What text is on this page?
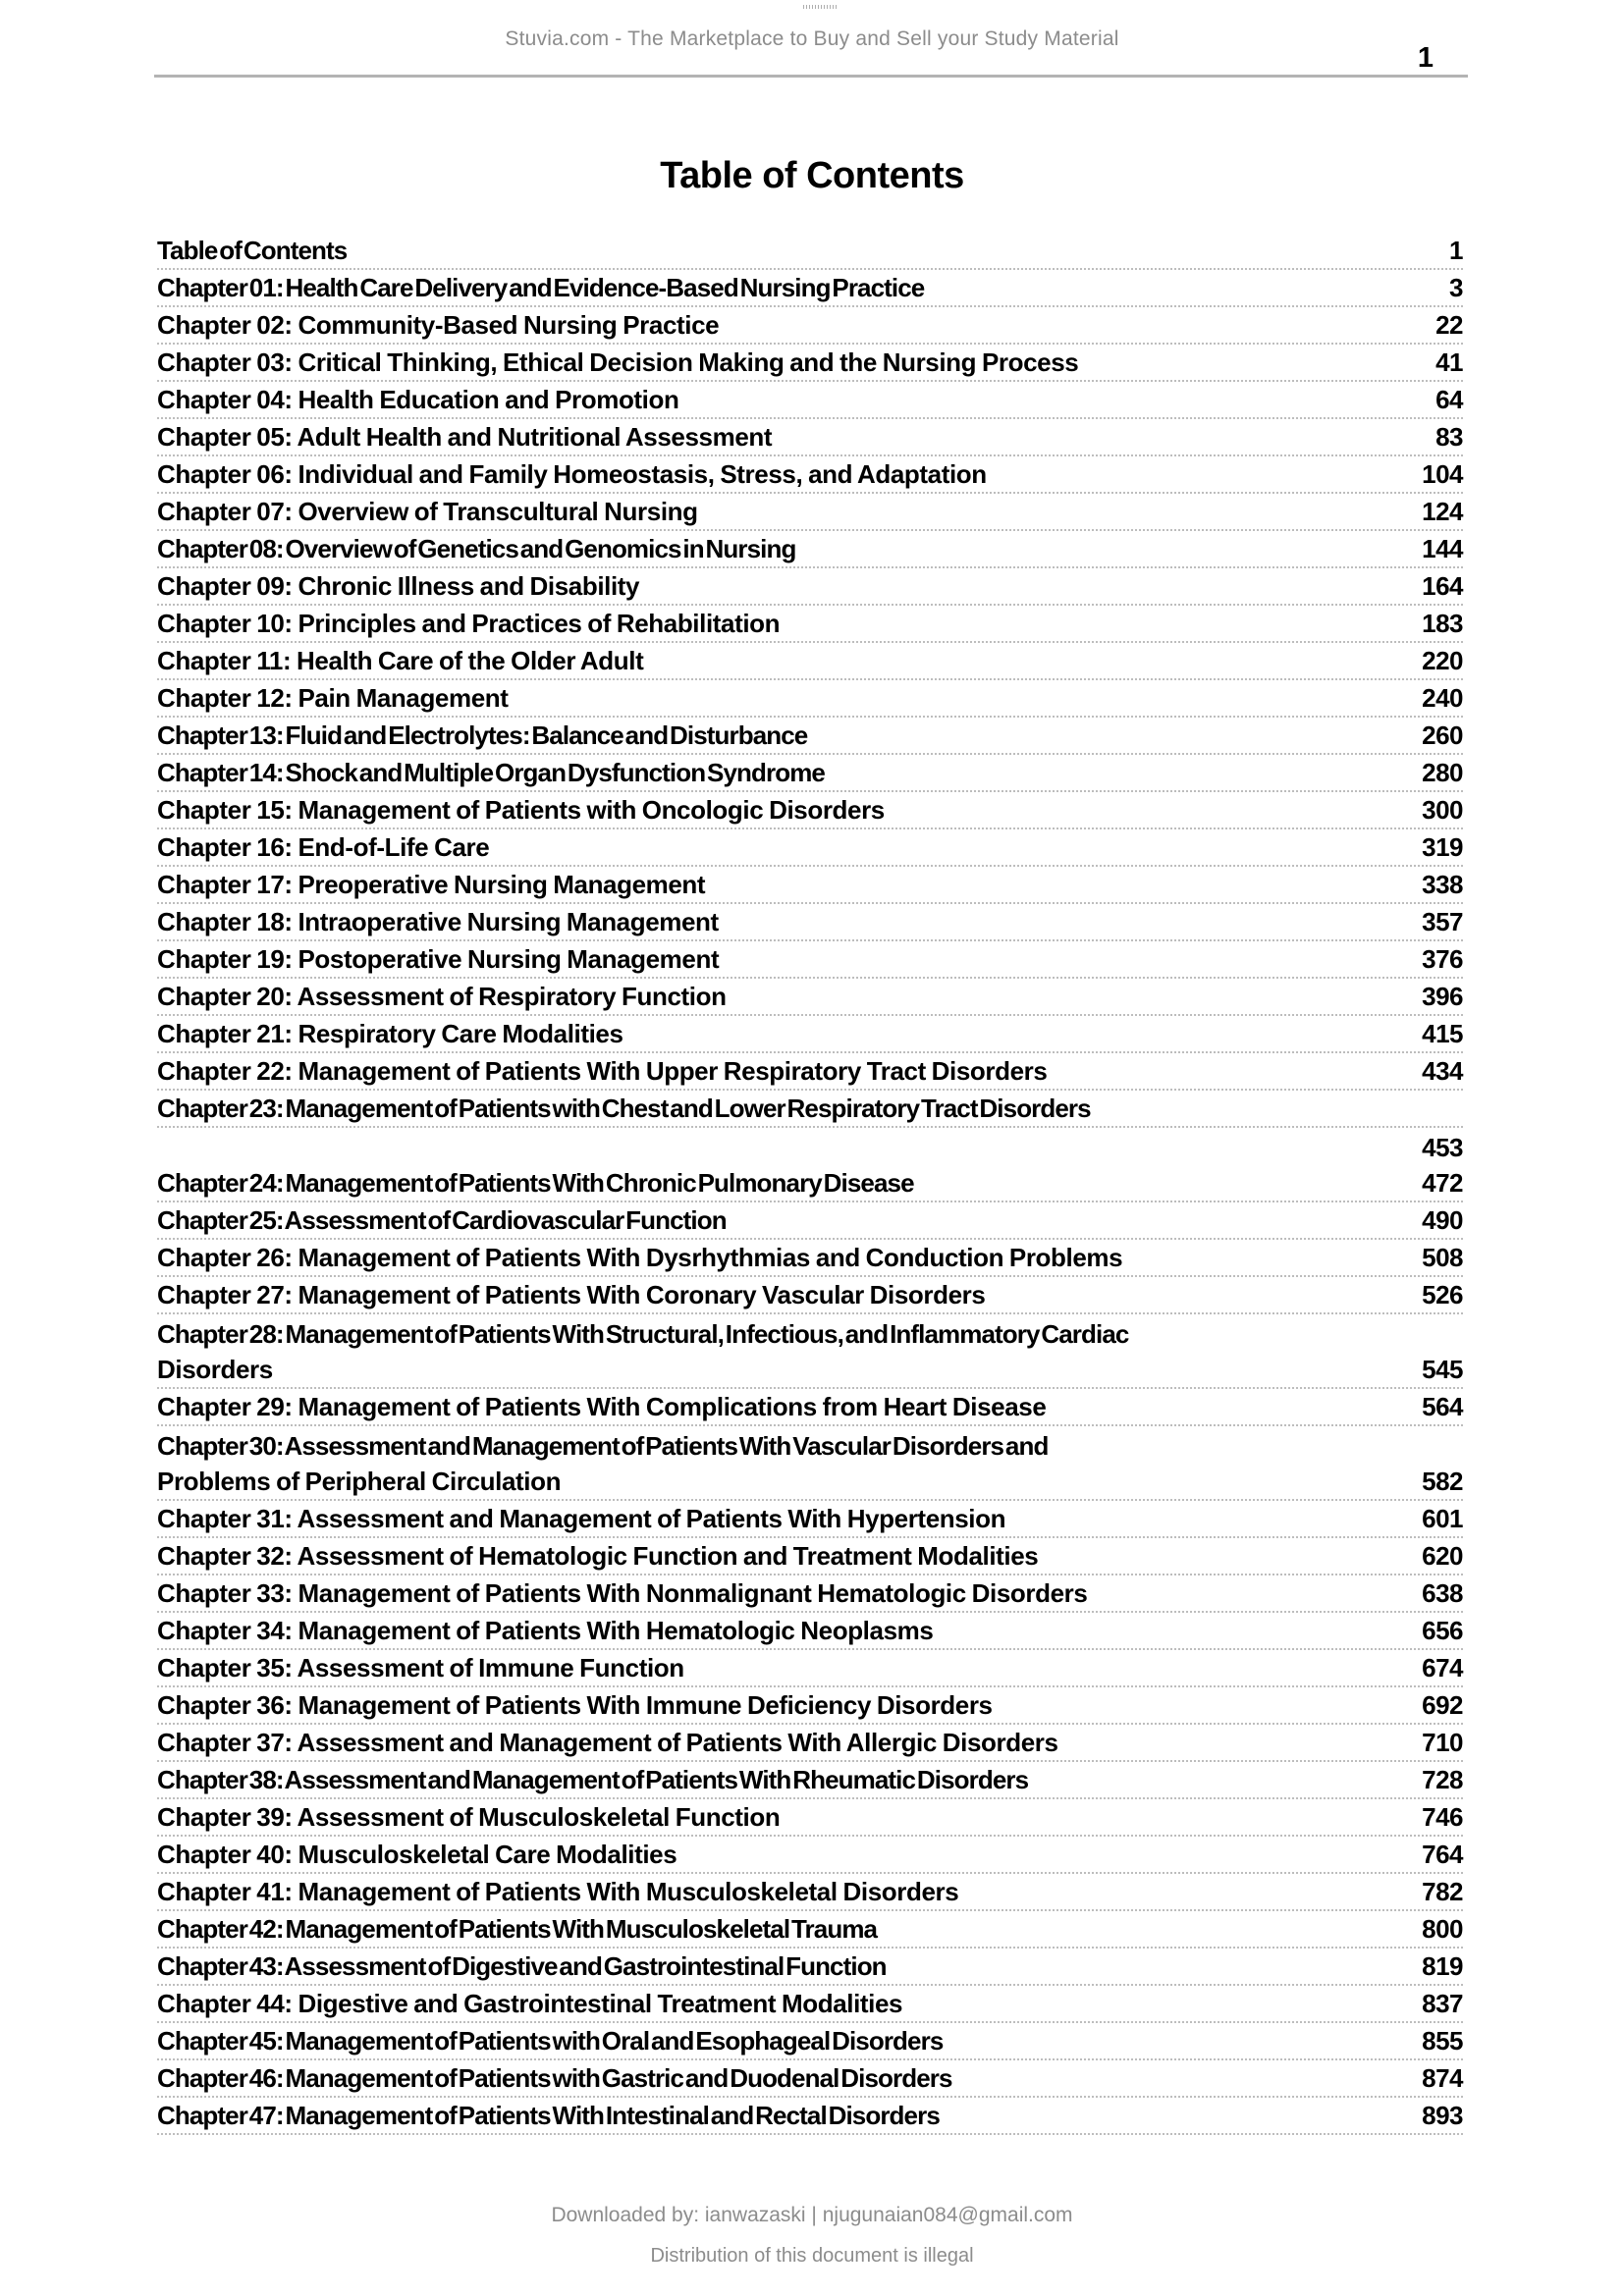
Stuvia.com - The Marketplace to Buy and Sell your Study Material
1
Table of Contents
Table of Contents	1
Chapter 01: Health Care Delivery and Evidence-Based Nursing Practice	3
Chapter 02: Community-Based Nursing Practice	22
Chapter 03: Critical Thinking, Ethical Decision Making and the Nursing Process	41
Chapter 04: Health Education and Promotion	64
Chapter 05: Adult Health and Nutritional Assessment	83
Chapter 06: Individual and Family Homeostasis, Stress, and Adaptation	104
Chapter 07: Overview of Transcultural Nursing	124
Chapter 08: Overview of Genetics and Genomics in Nursing	144
Chapter 09: Chronic Illness and Disability	164
Chapter 10: Principles and Practices of Rehabilitation	183
Chapter 11: Health Care of the Older Adult	220
Chapter 12: Pain Management	240
Chapter 13: Fluid and Electrolytes: Balance and Disturbance	260
Chapter 14: Shock and Multiple Organ Dysfunction Syndrome	280
Chapter 15: Management of Patients with Oncologic Disorders	300
Chapter 16: End-of-Life Care	319
Chapter 17: Preoperative Nursing Management	338
Chapter 18: Intraoperative Nursing Management	357
Chapter 19: Postoperative Nursing Management	376
Chapter 20: Assessment of Respiratory Function	396
Chapter 21: Respiratory Care Modalities	415
Chapter 22: Management of Patients With Upper Respiratory Tract Disorders	434
Chapter 23: Management of Patients with Chest and Lower Respiratory Tract Disorders
453
Chapter 24: Management of Patients With Chronic Pulmonary Disease	472
Chapter 25: Assessment of Cardiovascular Function	490
Chapter 26: Management of Patients With Dysrhythmias and Conduction Problems	508
Chapter 27: Management of Patients With Coronary Vascular Disorders	526
Chapter 28: Management of Patients With Structural, Infectious, and Inflammatory Cardiac
Disorders	545
Chapter 29: Management of Patients With Complications from Heart Disease	564
Chapter 30: Assessment and Management of Patients With Vascular Disorders and
Problems of Peripheral Circulation	582
Chapter 31: Assessment and Management of Patients With Hypertension	601
Chapter 32: Assessment of Hematologic Function and Treatment Modalities	620
Chapter 33: Management of Patients With Nonmalignant Hematologic Disorders	638
Chapter 34: Management of Patients With Hematologic Neoplasms	656
Chapter 35: Assessment of Immune Function	674
Chapter 36: Management of Patients With Immune Deficiency Disorders	692
Chapter 37: Assessment and Management of Patients With Allergic Disorders	710
Chapter 38: Assessment and Management of Patients With Rheumatic Disorders	728
Chapter 39: Assessment of Musculoskeletal Function	746
Chapter 40: Musculoskeletal Care Modalities	764
Chapter 41: Management of Patients With Musculoskeletal Disorders	782
Chapter 42: Management of Patients With Musculoskeletal Trauma	800
Chapter 43: Assessment of Digestive and Gastrointestinal Function	819
Chapter 44: Digestive and Gastrointestinal Treatment Modalities	837
Chapter 45: Management of Patients with Oral and Esophageal Disorders	855
Chapter 46: Management of Patients with Gastric and Duodenal Disorders	874
Chapter 47: Management of Patients With Intestinal and Rectal Disorders	893
Downloaded by: ianwazaski | njugunaian084@gmail.com
Distribution of this document is illegal
